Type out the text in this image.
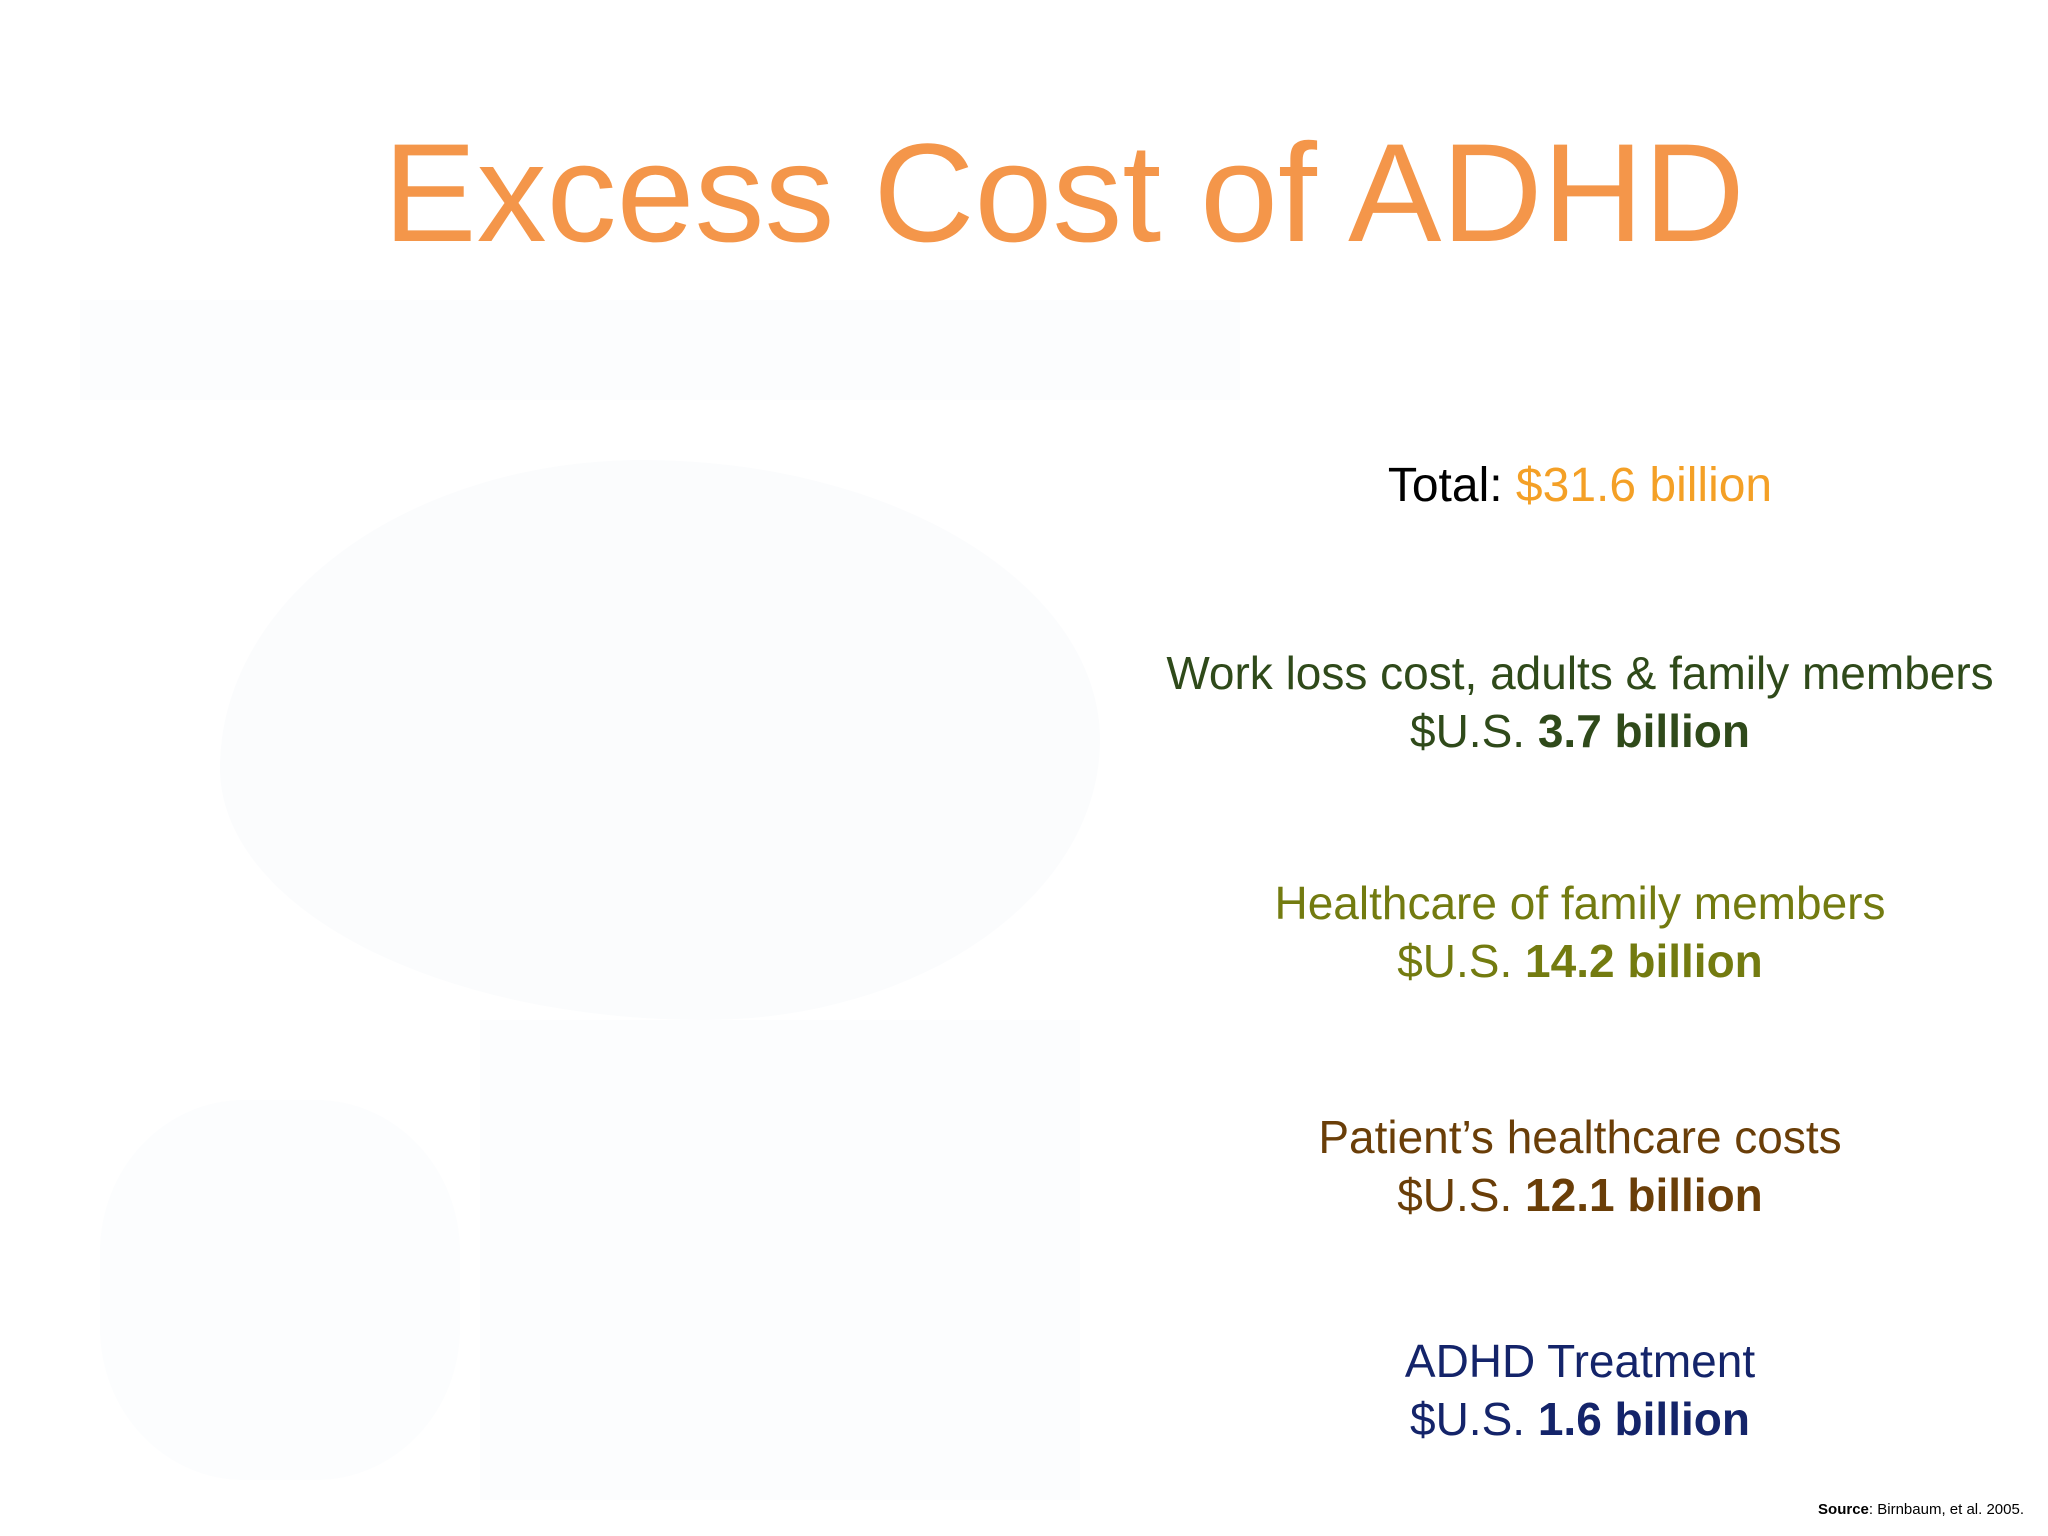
Excess Cost of ADHD
Total: $31.6 billion
Work loss cost, adults & family members
$U.S. 3.7 billion
Healthcare of family members
$U.S. 14.2 billion
Patient’s healthcare costs
$U.S. 12.1 billion
ADHD Treatment
$U.S. 1.6 billion
Source: Birnbaum, et al. 2005.
